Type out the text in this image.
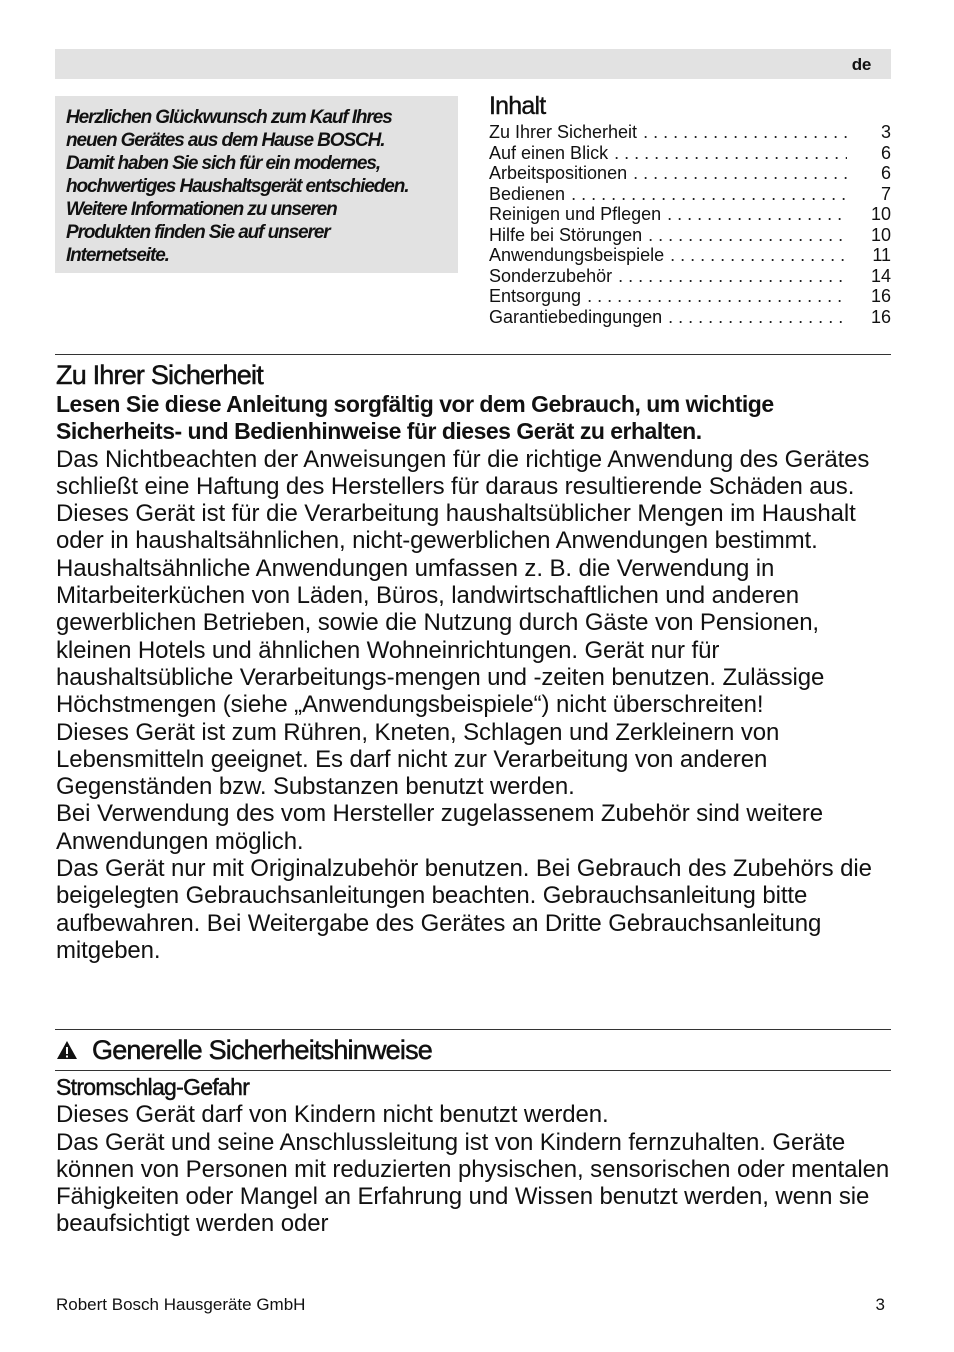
de

Herzlichen Glückwunsch zum Kauf Ihres
neuen Gerätes aus dem Hause BOSCH.
Damit haben Sie sich für ein modernes,
hochwertiges Haushaltsgerät entschieden.
Weitere Informationen zu unseren
Produkten finden Sie auf unserer
Internetseite.

Inhalt
Zu Ihrer Sicherheit . . .	3
Auf einen Blick . . .	6
Arbeitspositionen . . .	6
Bedienen . . .	7
Reinigen und Pflegen . . .	10
Hilfe bei Störungen . . .	10
Anwendungsbeispiele . . .	11
Sonderzubehör . . .	14
Entsorgung . . .	16
Garantiebedingungen . . .	16
Zu Ihrer Sicherheit

Lesen Sie diese Anleitung sorgfältig vor dem Gebrauch, um wichtige Sicherheits- und Bedienhinweise für dieses Gerät zu erhalten.

Das Nichtbeachten der Anweisungen für die richtige Anwendung des Gerätes schließt eine Haftung des Herstellers für daraus resultierende Schäden aus.

Dieses Gerät ist für die Verarbeitung haushaltsüblicher Mengen im Haushalt oder in haushaltsähnlichen, nicht-gewerblichen Anwendungen bestimmt. Haushaltsähnliche Anwendungen umfassen z. B. die Verwendung in Mitarbeiterküchen von Läden, Büros, landwirtschaftlichen und anderen gewerblichen Betrieben, sowie die Nutzung durch Gäste von Pensionen, kleinen Hotels und ähnlichen Wohneinrichtungen. Gerät nur für haushaltsübliche Verarbeitungs-mengen und -zeiten benutzen. Zulässige Höchstmengen (siehe „Anwendungsbeispiele“) nicht überschreiten!

Dieses Gerät ist zum Rühren, Kneten, Schlagen und Zerkleinern von Lebensmitteln geeignet. Es darf nicht zur Verarbeitung von anderen Gegenständen bzw. Substanzen benutzt werden.

Bei Verwendung des vom Hersteller zugelassenem Zubehör sind weitere Anwendungen möglich.

Das Gerät nur mit Originalzubehör benutzen. Bei Gebrauch des Zubehörs die beigelegten Gebrauchsanleitungen beachten. Gebrauchsanleitung bitte aufbewahren. Bei Weitergabe des Gerätes an Dritte Gebrauchsanleitung mitgeben.

Generelle Sicherheitshinweise
Stromschlag-Gefahr

Dieses Gerät darf von Kindern nicht benutzt werden.

Das Gerät und seine Anschlussleitung ist von Kindern fernzuhalten. Geräte können von Personen mit reduzierten physischen, sensorischen oder mentalen Fähigkeiten oder Mangel an Erfahrung und Wissen benutzt werden, wenn sie beaufsichtigt werden oder

Robert Bosch Hausgeräte GmbH	3
